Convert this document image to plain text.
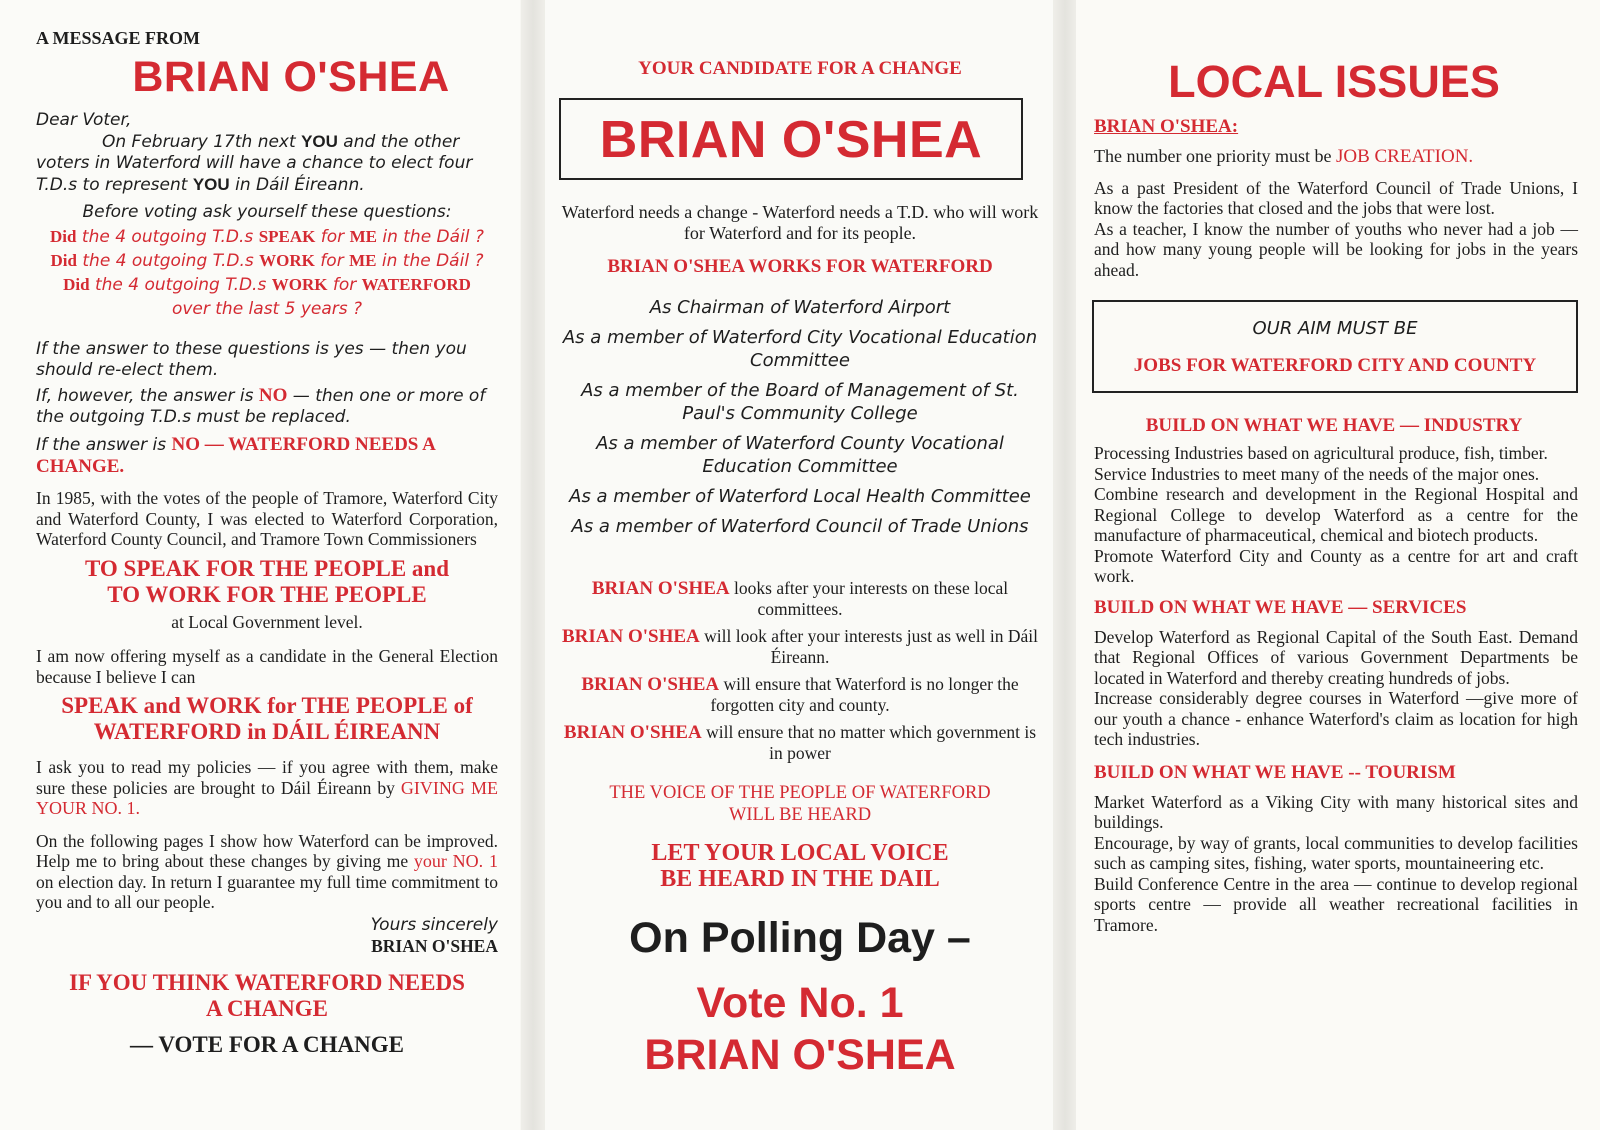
A MESSAGE FROM

BRIAN O'SHEA

Dear Voter,

On February 17th next YOU and the other voters in Waterford will have a chance to elect four T.D.s to represent YOU in Dáil Éireann.

Before voting ask yourself these questions:

Did the 4 outgoing T.D.s SPEAK for ME in the Dáil ?

Did the 4 outgoing T.D.s WORK for ME in the Dáil ?

Did the 4 outgoing T.D.s WORK for WATERFORD
over the last 5 years ?

If the answer to these questions is yes — then you should re-elect them.

If, however, the answer is NO — then one or more of the outgoing T.D.s must be replaced.

If the answer is NO — WATERFORD NEEDS A CHANGE.

In 1985, with the votes of the people of Tramore, Waterford City and Waterford County, I was elected to Waterford Corporation, Waterford County Council, and Tramore Town Commissioners

TO SPEAK FOR THE PEOPLE and

TO WORK FOR THE PEOPLE

at Local Government level.

I am now offering myself as a candidate in the General Election because I believe I can

SPEAK and WORK for THE PEOPLE of

WATERFORD in DÁIL ÉIREANN

I ask you to read my policies — if you agree with them, make sure these policies are brought to Dáil Éireann by GIVING ME YOUR NO. 1.

On the following pages I show how Waterford can be improved. Help me to bring about these changes by giving me your NO. 1 on election day. In return I guarantee my full time commitment to you and to all our people.

Yours sincerely

BRIAN O'SHEA

IF YOU THINK WATERFORD NEEDS

A CHANGE

— VOTE FOR A CHANGE

YOUR CANDIDATE FOR A CHANGE

BRIAN O'SHEA

Waterford needs a change - Waterford needs a T.D. who will work for Waterford and for its people.

BRIAN O'SHEA WORKS FOR WATERFORD

As Chairman of Waterford Airport

As a member of Waterford City Vocational Education Committee

As a member of the Board of Management of St. Paul's Community College

As a member of Waterford County Vocational Education Committee

As a member of Waterford Local Health Committee

As a member of Waterford Council of Trade Unions

BRIAN O'SHEA looks after your interests on these local committees.

BRIAN O'SHEA will look after your interests just as well in Dáil Éireann.

BRIAN O'SHEA will ensure that Waterford is no longer the forgotten city and county.

BRIAN O'SHEA will ensure that no matter which government is in power

THE VOICE OF THE PEOPLE OF WATERFORD

WILL BE HEARD

LET YOUR LOCAL VOICE

BE HEARD IN THE DAIL

On Polling Day –

Vote No. 1

BRIAN O'SHEA

LOCAL ISSUES

BRIAN O'SHEA:

The number one priority must be JOB CREATION.

As a past President of the Waterford Council of Trade Unions, I know the factories that closed and the jobs that were lost.

As a teacher, I know the number of youths who never had a job — and how many young people will be looking for jobs in the years ahead.

OUR AIM MUST BE

JOBS FOR WATERFORD CITY AND COUNTY

BUILD ON WHAT WE HAVE — INDUSTRY

Processing Industries based on agricultural produce, fish, timber.

Service Industries to meet many of the needs of the major ones.

Combine research and development in the Regional Hospital and Regional College to develop Waterford as a centre for the manufacture of pharmaceutical, chemical and biotech products.

Promote Waterford City and County as a centre for art and craft work.

BUILD ON WHAT WE HAVE — SERVICES

Develop Waterford as Regional Capital of the South East. Demand that Regional Offices of various Government Departments be located in Waterford and thereby creating hundreds of jobs.

Increase considerably degree courses in Waterford —give more of our youth a chance - enhance Waterford's claim as location for high tech industries.

BUILD ON WHAT WE HAVE -- TOURISM

Market Waterford as a Viking City with many historical sites and buildings.

Encourage, by way of grants, local communities to develop facilities such as camping sites, fishing, water sports, mountaineering etc.

Build Conference Centre in the area — continue to develop regional sports centre — provide all weather recreational facilities in Tramore.
